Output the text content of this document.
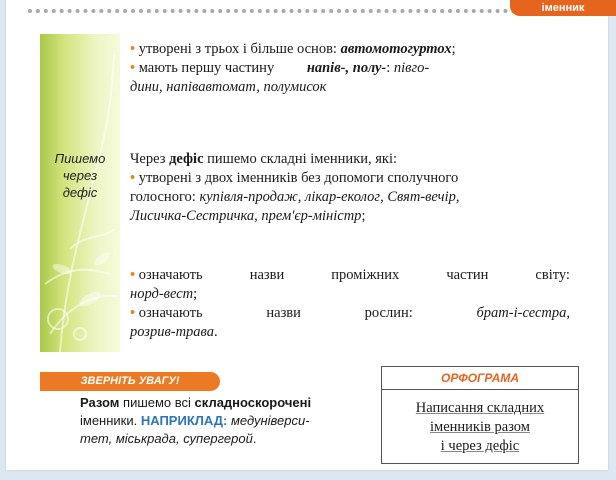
іменник
Пишемо
через
дефіс
• утворені з трьох і більше основ: автомотогуртох;
• мають першу частину         напів-, полу-: півго-
дини, напівавтомат, полумисок
Через дефіс пишемо складні іменники, які:
• утворені з двох іменників без допомоги сполучного
голосного: купівля-продаж, лікар-еколог, Свят-вечір,
Лисичка-Сестричка, прем'єр-міністр;
• означають	назви	проміжних	частин	світу:
норд-вест;
• означають	назви	рослин:	брат-і-сестра,
розрив-трава.
ЗВЕРНІТЬ УВАГУ!
Разом пишемо всі складноскорочені
іменники. НАПРИКЛАД: медуніверси-
тет, міськрада, супергерой.
ОРФОГРАМА
Написання складних
іменників разом
і через дефіс
